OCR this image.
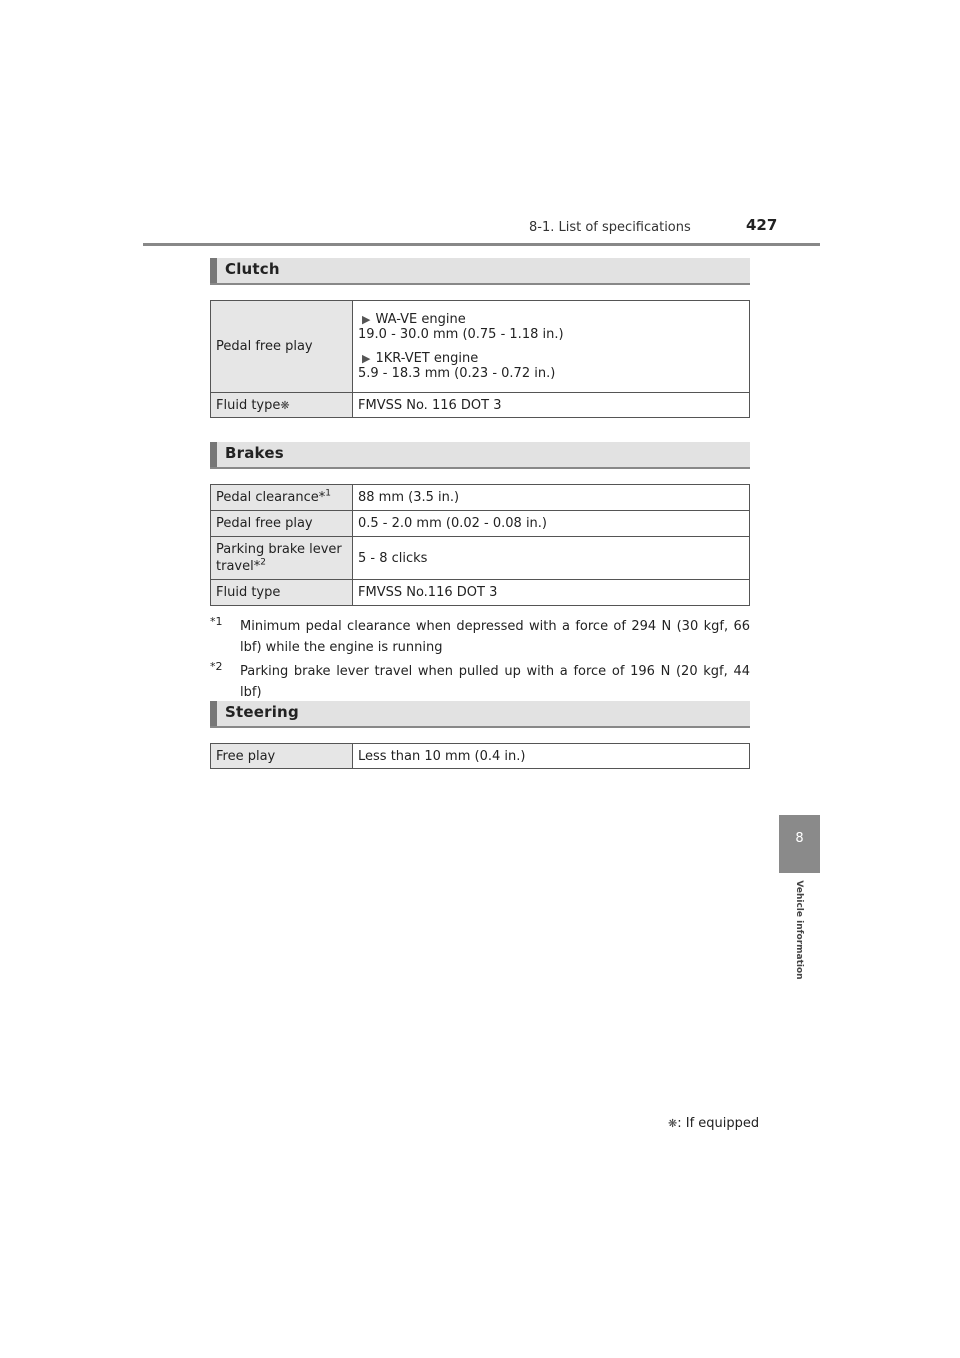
8-1. List of specifications	427
8
Vehicle information
Clutch
Pedal free play	▶ WA-VE engine
19.0 - 30.0 mm (0.75 - 1.18 in.)
▶ 1KR-VET engine
5.9 - 18.3 mm (0.23 - 0.72 in.)
Fluid type❋	FMVSS No. 116 DOT 3
Brakes
Pedal clearance*$^1$	88 mm (3.5 in.)
Pedal free play	0.5 - 2.0 mm (0.02 - 0.08 in.)
Parking brake lever travel*$^2$	5 - 8 clicks
Fluid type	FMVSS No.116 DOT 3
*1 Minimum pedal clearance when depressed with a force of 294 N (30 kgf, 66 lbf) while the engine is running
*2 Parking brake lever travel when pulled up with a force of 196 N (20 kgf, 44 lbf)
Steering
Free play	Less than 10 mm (0.4 in.)
❋: If equipped
